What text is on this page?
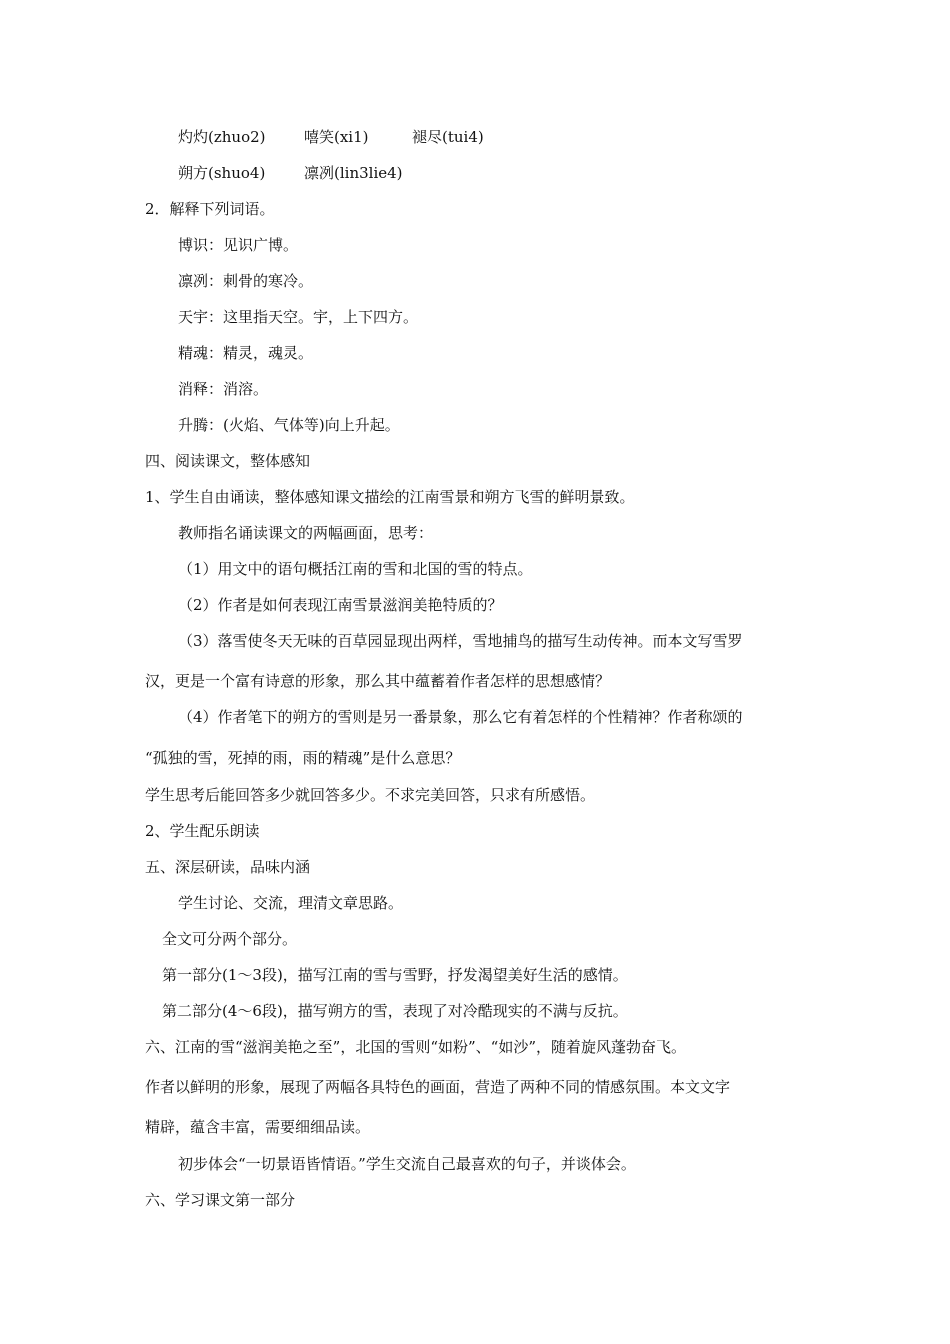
灼灼(zhuo2)	嘻笑(xi1)	褪尽(tui4)
朔方(shuo4)	凛冽(lin3lie4)
2．解释下列词语。
博识：见识广博。
凛冽：刺骨的寒冷。
天宇：这里指天空。宇，上下四方。
精魂：精灵，魂灵。
消释：消溶。
升腾：(火焰、气体等)向上升起。
四、阅读课文，整体感知
1、学生自由诵读，整体感知课文描绘的江南雪景和朔方飞雪的鲜明景致。
教师指名诵读课文的两幅画面，思考：
（1）用文中的语句概括江南的雪和北国的雪的特点。
（2）作者是如何表现江南雪景滋润美艳特质的？
（3）落雪使冬天无味的百草园显现出两样，雪地捕鸟的描写生动传神。而本文写雪罗
汉，更是一个富有诗意的形象，那么其中蕴蓄着作者怎样的思想感情？
（4）作者笔下的朔方的雪则是另一番景象，那么它有着怎样的个性精神？作者称颂的
“孤独的雪，死掉的雨，雨的精魂”是什么意思？
学生思考后能回答多少就回答多少。不求完美回答，只求有所感悟。
2、学生配乐朗读
五、深层研读，品味内涵
学生讨论、交流，理清文章思路。
全文可分两个部分。
第一部分(1～3段)，描写江南的雪与雪野，抒发渴望美好生活的感情。
第二部分(4～6段)，描写朔方的雪，表现了对冷酷现实的不满与反抗。
六、江南的雪“滋润美艳之至”，北国的雪则“如粉”、“如沙”，随着旋风蓬勃奋飞。
作者以鲜明的形象，展现了两幅各具特色的画面，营造了两种不同的情感氛围。本文文字
精辟，蕴含丰富，需要细细品读。
初步体会“一切景语皆情语。”学生交流自己最喜欢的句子，并谈体会。
六、学习课文第一部分
